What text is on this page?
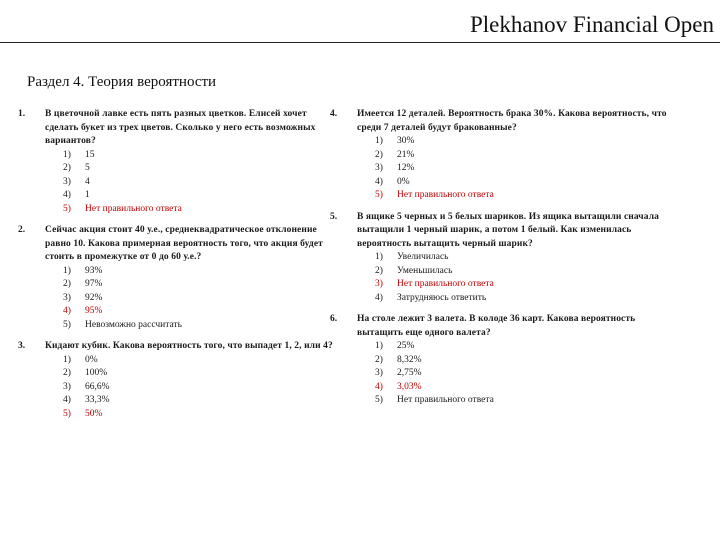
Plekhanov Financial Open
Раздел 4. Теория вероятности
1.	В цветочной лавке есть пять разных цветков. Елисей хочет сделать букет из трех цветов. Сколько у него есть возможных вариантов?
1)	15
2)	5
3)	4
4)	1
5)	Нет правильного ответа
2.	Сейчас акция стоит 40 у.е., среднеквадратическое отклонение равно 10. Какова примерная вероятность того, что акция будет стоить в промежутке от 0 до 60 у.е.?
1)	93%
2)	97%
3)	92%
4)	95%
5)	Невозможно рассчитать
3.	Кидают кубик. Какова вероятность того, что выпадет 1, 2, или 4?
1)	0%
2)	100%
3)	66,6%
4)	33,3%
5)	50%
4.	Имеется 12 деталей. Вероятность брака 30%. Какова вероятность, что среди 7 деталей будут бракованные?
1)	30%
2)	21%
3)	12%
4)	0%
5)	Нет правильного ответа
5.	В ящике 5 черных и 5 белых шариков. Из ящика вытащили сначала вытащили 1 черный шарик, а потом 1 белый. Как изменилась вероятность вытащить черный шарик?
1)	Увеличилась
2)	Уменьшилась
3)	Нет правильного ответа
4)	Затрудняюсь ответить
6.	На столе лежит 3 валета. В колоде 36 карт. Какова вероятность вытащить еще одного валета?
1)	25%
2)	8,32%
3)	2,75%
4)	3,03%
5)	Нет правильного ответа
